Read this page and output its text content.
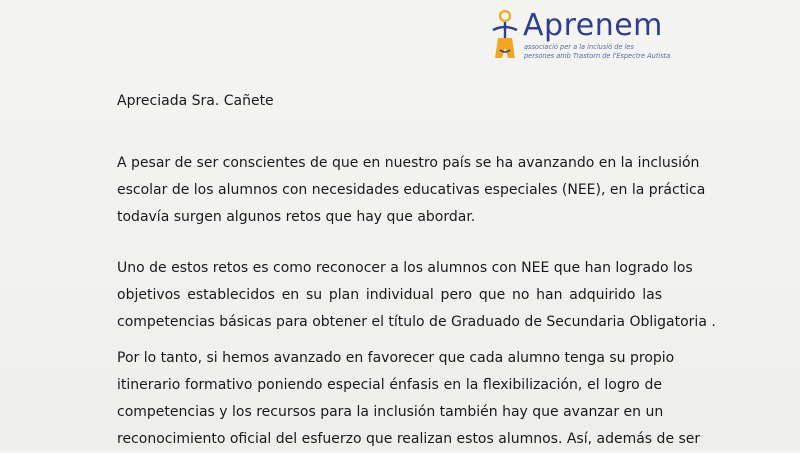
Aprenem
associació per a la inclusió de les
persones amb Trastorn de l'Espectre Autista
Apreciada Sra. Cañete
A pesar de ser conscientes de que en nuestro país se ha avanzando en la inclusión
escolar de los alumnos con necesidades educativas especiales (NEE), en la práctica
todavía surgen algunos retos que hay que abordar.
Uno de estos retos es como reconocer a los alumnos con NEE que han logrado los
objetivos establecidos en su plan individual pero que no han adquirido las
competencias básicas para obtener el título de Graduado de Secundaria Obligatoria .
Por lo tanto, si hemos avanzado en favorecer que cada alumno tenga su propio
itinerario formativo poniendo especial énfasis en la flexibilización, el logro de
competencias y los recursos para la inclusión también hay que avanzar en un
reconocimiento oficial del esfuerzo que realizan estos alumnos. Así, además de ser
